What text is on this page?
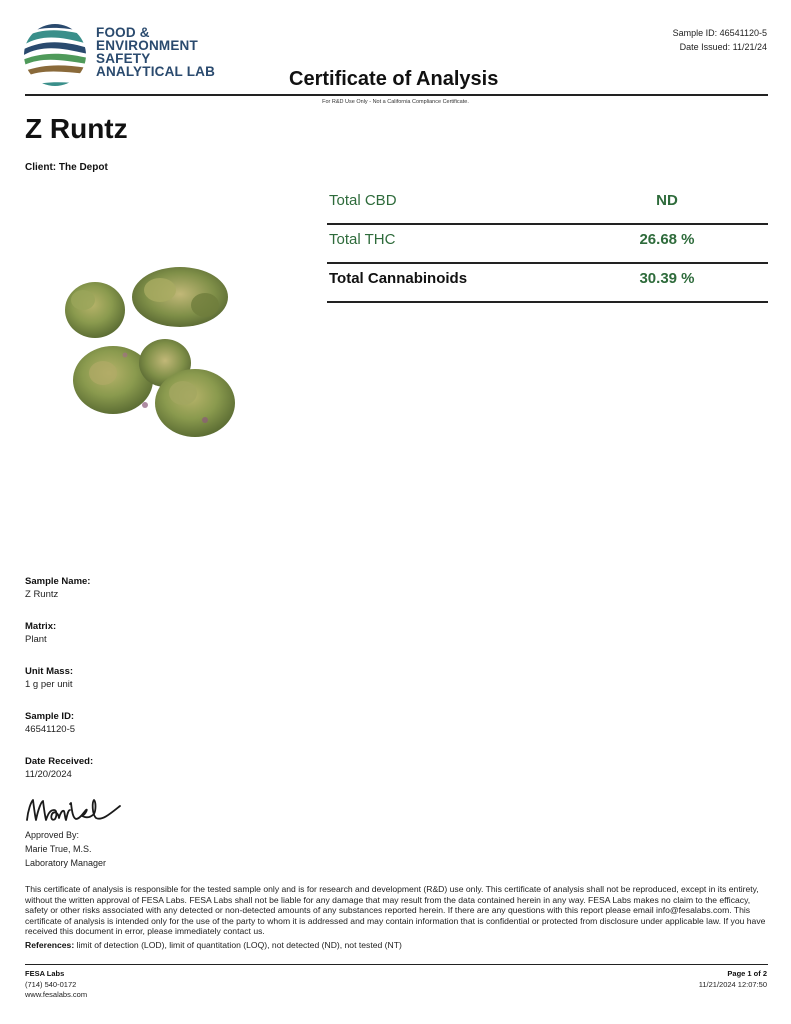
FOOD &
ENVIRONMENT
SAFETY
ANALYTICAL LAB
Sample ID: 46541120-5
Date Issued: 11/21/24
Certificate of Analysis
For R&D Use Only - Not a California Compliance Certificate.
Z Runtz
Client: The Depot
Total CBD	ND
Total THC	26.68 %
Total Cannabinoids	30.39 %
Sample Name:
Z Runtz
Matrix:
Plant
Unit Mass:
1 g per unit
Sample ID:
46541120-5
Date Received:
11/20/2024
Approved By:
Marie True, M.S.
Laboratory Manager
This certificate of analysis is responsible for the tested sample only and is for research and development (R&D) use only. This certificate of analysis shall not be reproduced, except in its entirety, without the written approval of FESA Labs. FESA Labs shall not be liable for any damage that may result from the data contained herein in any way. FESA Labs makes no claim to the efficacy, safety or other risks associated with any detected or non-detected amounts of any substances reported herein. If there are any questions with this report please email info@fesalabs.com. This certificate of analysis is intended only for the use of the party to whom it is addressed and may contain information that is confidential or protected from disclosure under applicable law. If you have received this document in error, please immediately contact us.
References: limit of detection (LOD), limit of quantitation (LOQ), not detected (ND), not tested (NT)
FESA Labs
(714) 540-0172
www.fesalabs.com
Page 1 of 2
11/21/2024 12:07:50
